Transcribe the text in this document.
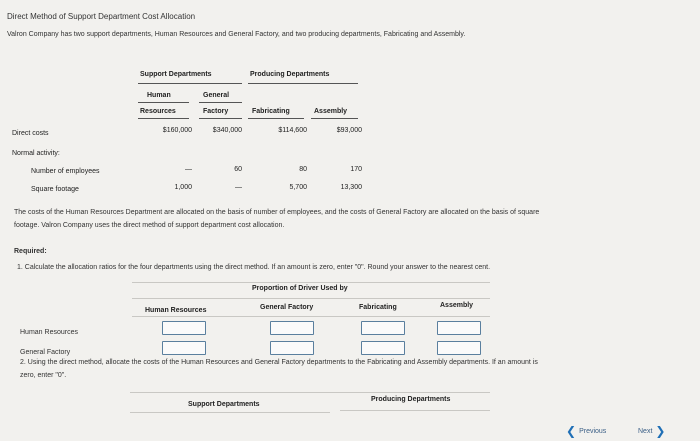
Direct Method of Support Department Cost Allocation
Valron Company has two support departments, Human Resources and General Factory, and two producing departments, Fabricating and Assembly.
Support Departments	Producing Departments
Human	General
Resources	Factory	Fabricating	Assembly
Direct costs	$160,000	$340,000	$114,600	$93,000
Normal activity:
Number of employees	—	60	80	170
Square footage	1,000	—	5,700	13,300
The costs of the Human Resources Department are allocated on the basis of number of employees, and the costs of General Factory are allocated on the basis of square
footage. Valron Company uses the direct method of support department cost allocation.
Required:
1. Calculate the allocation ratios for the four departments using the direct method. If an amount is zero, enter "0". Round your answer to the nearest cent.
Proportion of Driver Used by
Human Resources	General Factory	Fabricating	Assembly
Human Resources
General Factory
2. Using the direct method, allocate the costs of the Human Resources and General Factory departments to the Fabricating and Assembly departments. If an amount is
zero, enter "0".
Support Departments
Producing Departments
❮ Previous	Next ❯
